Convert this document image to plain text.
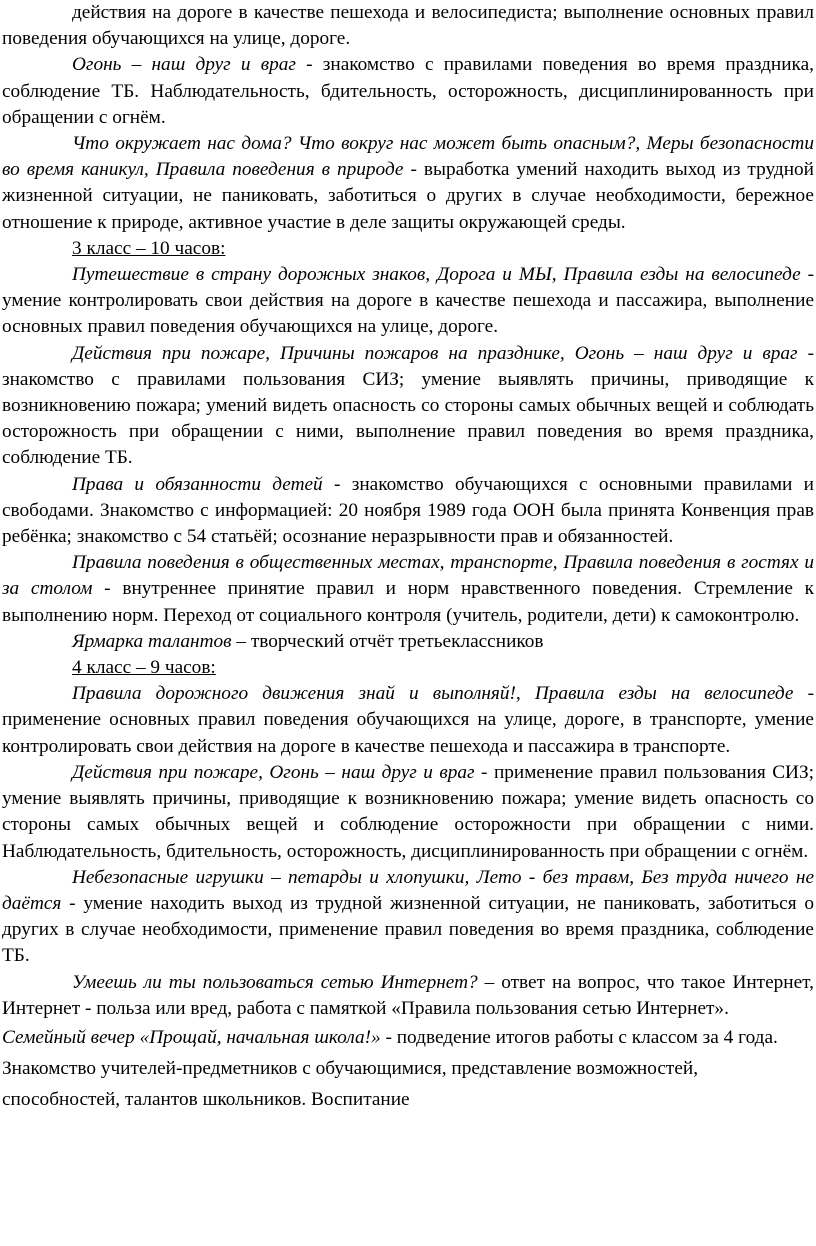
действия на дороге в качестве пешехода и велосипедиста; выполнение основных правил поведения обучающихся на улице, дороге.

Огонь – наш друг и враг - знакомство с правилами поведения во время праздника, соблюдение ТБ. Наблюдательность, бдительность, осторожность, дисциплинированность при обращении с огнём.

Что окружает нас дома? Что вокруг нас может быть опасным?, Меры безопасности во время каникул, Правила поведения в природе - выработка умений находить выход из трудной жизненной ситуации, не паниковать, заботиться о других в случае необходимости, бережное отношение к природе, активное участие в деле защиты окружающей среды.

3 класс – 10 часов:

Путешествие в страну дорожных знаков, Дорога и МЫ, Правила езды на велосипеде - умение контролировать свои действия на дороге в качестве пешехода и пассажира, выполнение основных правил поведения обучающихся на улице, дороге.

Действия при пожаре, Причины пожаров на празднике, Огонь – наш друг и враг - знакомство с правилами пользования СИЗ; умение выявлять причины, приводящие к возникновению пожара; умений видеть опасность со стороны самых обычных вещей и соблюдать осторожность при обращении с ними, выполнение правил поведения во время праздника, соблюдение ТБ.

Права и обязанности детей - знакомство обучающихся с основными правилами и свободами. Знакомство с информацией: 20 ноября 1989 года ООН была принята Конвенция прав ребёнка; знакомство с 54 статьёй; осознание неразрывности прав и обязанностей.

Правила поведения в общественных местах, транспорте, Правила поведения в гостях и за столом - внутреннее принятие правил и норм нравственного поведения. Стремление к выполнению норм. Переход от социального контроля (учитель, родители, дети) к самоконтролю.

Ярмарка талантов – творческий отчёт третьеклассников

4 класс – 9 часов:

Правила дорожного движения знай и выполняй!, Правила езды на велосипеде - применение основных правил поведения обучающихся на улице, дороге, в транспорте, умение контролировать свои действия на дороге в качестве пешехода и пассажира в транспорте.

Действия при пожаре, Огонь – наш друг и враг - применение правил пользования СИЗ; умение выявлять причины, приводящие к возникновению пожара; умение видеть опасность со стороны самых обычных вещей и соблюдение осторожности при обращении с ними. Наблюдательность, бдительность, осторожность, дисциплинированность при обращении с огнём.

Небезопасные игрушки – петарды и хлопушки, Лето - без травм, Без труда ничего не даётся - умение находить выход из трудной жизненной ситуации, не паниковать, заботиться о других в случае необходимости, применение правил поведения во время праздника, соблюдение ТБ.

Умеешь ли ты пользоваться сетью Интернет? – ответ на вопрос, что такое Интернет, Интернет - польза или вред, работа с памяткой «Правила пользования сетью Интернет».

Семейный вечер «Прощай, начальная школа!» - подведение итогов работы с классом за 4 года. Знакомство учителей-предметников с обучающимися, представление возможностей, способностей, талантов школьников. Воспитание
